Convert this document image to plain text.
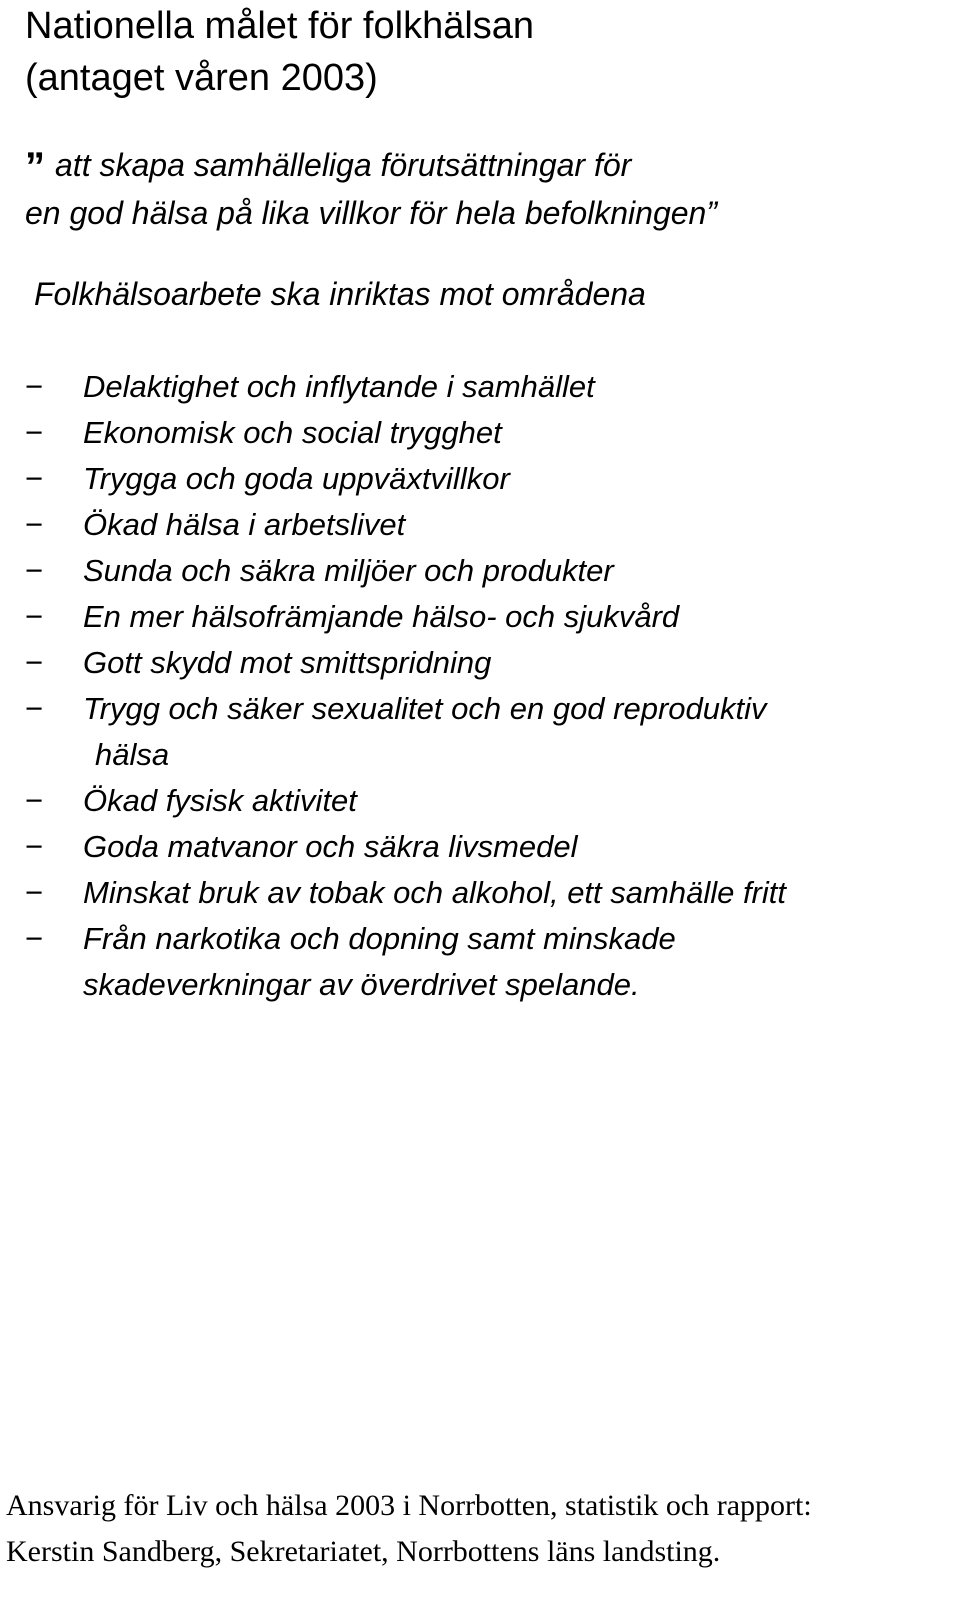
Nationella målet för folkhälsan
(antaget våren 2003)

” att skapa samhälleliga förutsättningar för
en god hälsa på lika villkor för hela befolkningen”

Folkhälsoarbete ska inriktas mot områdena

−	Delaktighet och inflytande i samhället
−	Ekonomisk och social trygghet
−	Trygga och goda uppväxtvillkor
−	Ökad hälsa i arbetslivet
−	Sunda och säkra miljöer och produkter
−	En mer hälsofrämjande hälso- och sjukvård
−	Gott skydd mot smittspridning
−	Trygg och säker sexualitet och en god reproduktiv
hälsa
−	Ökad fysisk aktivitet
−	Goda matvanor och säkra livsmedel
−	Minskat bruk av tobak och alkohol, ett samhälle fritt
−	Från narkotika och dopning samt minskade
skadeverkningar av överdrivet spelande.

Ansvarig för Liv och hälsa 2003 i Norrbotten, statistik och rapport:
Kerstin Sandberg, Sekretariatet, Norrbottens läns landsting.
